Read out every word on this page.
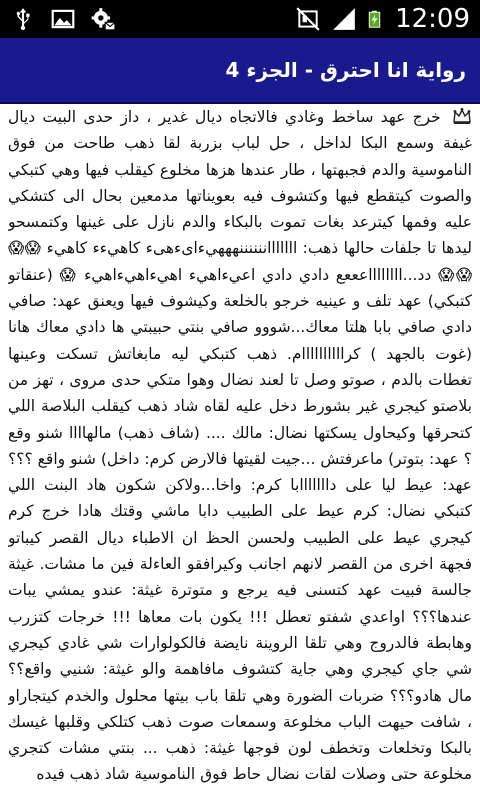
12:09
رواية انا احترق - الجزء 4

خرج عهد ساخط وغادي فالاتجاه ديال غدير ، داز حدى البيت ديال غيفة وسمع البكا لداخل ، حل لباب بزربة لقا ذهب طاحت من فوق الناموسية والدم فجبهتها ، طار عندها هزها مخلوع كيقلب فيها وهي كتبكي والصوت كيتقطع فيها وكتشوف فيه بعويناتها مدمعين بحال الى كتشكي عليه وفمها كيترعد بغات تموت بالبكاء والدم نازل على غينها وكتمسحو ليدها تا جلفات حالها ذهب: اااااااننننننهههيءاىءهىء كاهيءء كاهيء 😱😱😱😱 دد...ااااااااعععع دادي دادي اعيءاهيء اهيءاهيءاهيء 😱 (عنقاتو كتبكي) عهد تلف و عينيه خرجو بالخلعة وكيشوف فيها ويعنق عهد: صافي دادي صافي بابا هلتا معاك...شووو صافي بنتي حبيبتي ها دادي معاك هانا (غوت بالجهد ) كراااااااااام. ذهب كتبكي ليه مابغاتش تسكت وعينها تغطات بالدم ، صوتو وصل تا لعند نضال وهوا متكي حدى مروى ، تهز من بلاصتو كيجري غير بشورط دخل عليه لقاه شاد ذهب كيقلب البلاصة اللي كتحرقها وكيحاول يسكتها نضال: مالك .... (شاف ذهب) مالهاااا شنو وقع ؟ عهد: بتوتر) ماعرفتش ...جيت لقيتها فالارض كرم: داخل) شنو واقع ؟؟؟ عهد: عيط ليا على دااااااابا كرم: واخا...ولاكن شكون هاد البنت اللي كتبكي نضال: كرم عيط على الطبيب دابا ماشي وقتك هادا خرج كرم كيجري عيط على الطبيب ولحسن الحظ ان الاطباء ديال القصر كيباتو فجهة اخرى من القصر لانهم اجانب وكيرافقو العاءلة فين ما مشات. غيثة جالسة فبيت عهد كتسنى فيه يرجع و متوترة غيثة: عندو يمشي يبات عندها؟؟؟ اواعدي شفتو تعطل !!! يكون بات معاها !!! خرجات كتزرب وهابطة فالدروج وهي تلقا الروينة نايضة فالكولوارات شي غادي كيجري شي جاي كيجري وهي جاية كتشوف مافاهمة والو غيثة: شنيي واقع؟؟ مال هادو؟؟؟ ضربات الضورة وهي تلقا باب بيتها محلول والخدم كيتجاراو ، شافت حيهت الباب مخلوعة وسمعات صوت ذهب كتلكي وقلبها غيسك بالبكا وتخلعات وتخطف لون فوجها غيثة: ذهب ... بنتي مشات كتجري مخلوعة حتى وصلات لقات نضال حاط فوق الناموسية شاد ذهب فيده
